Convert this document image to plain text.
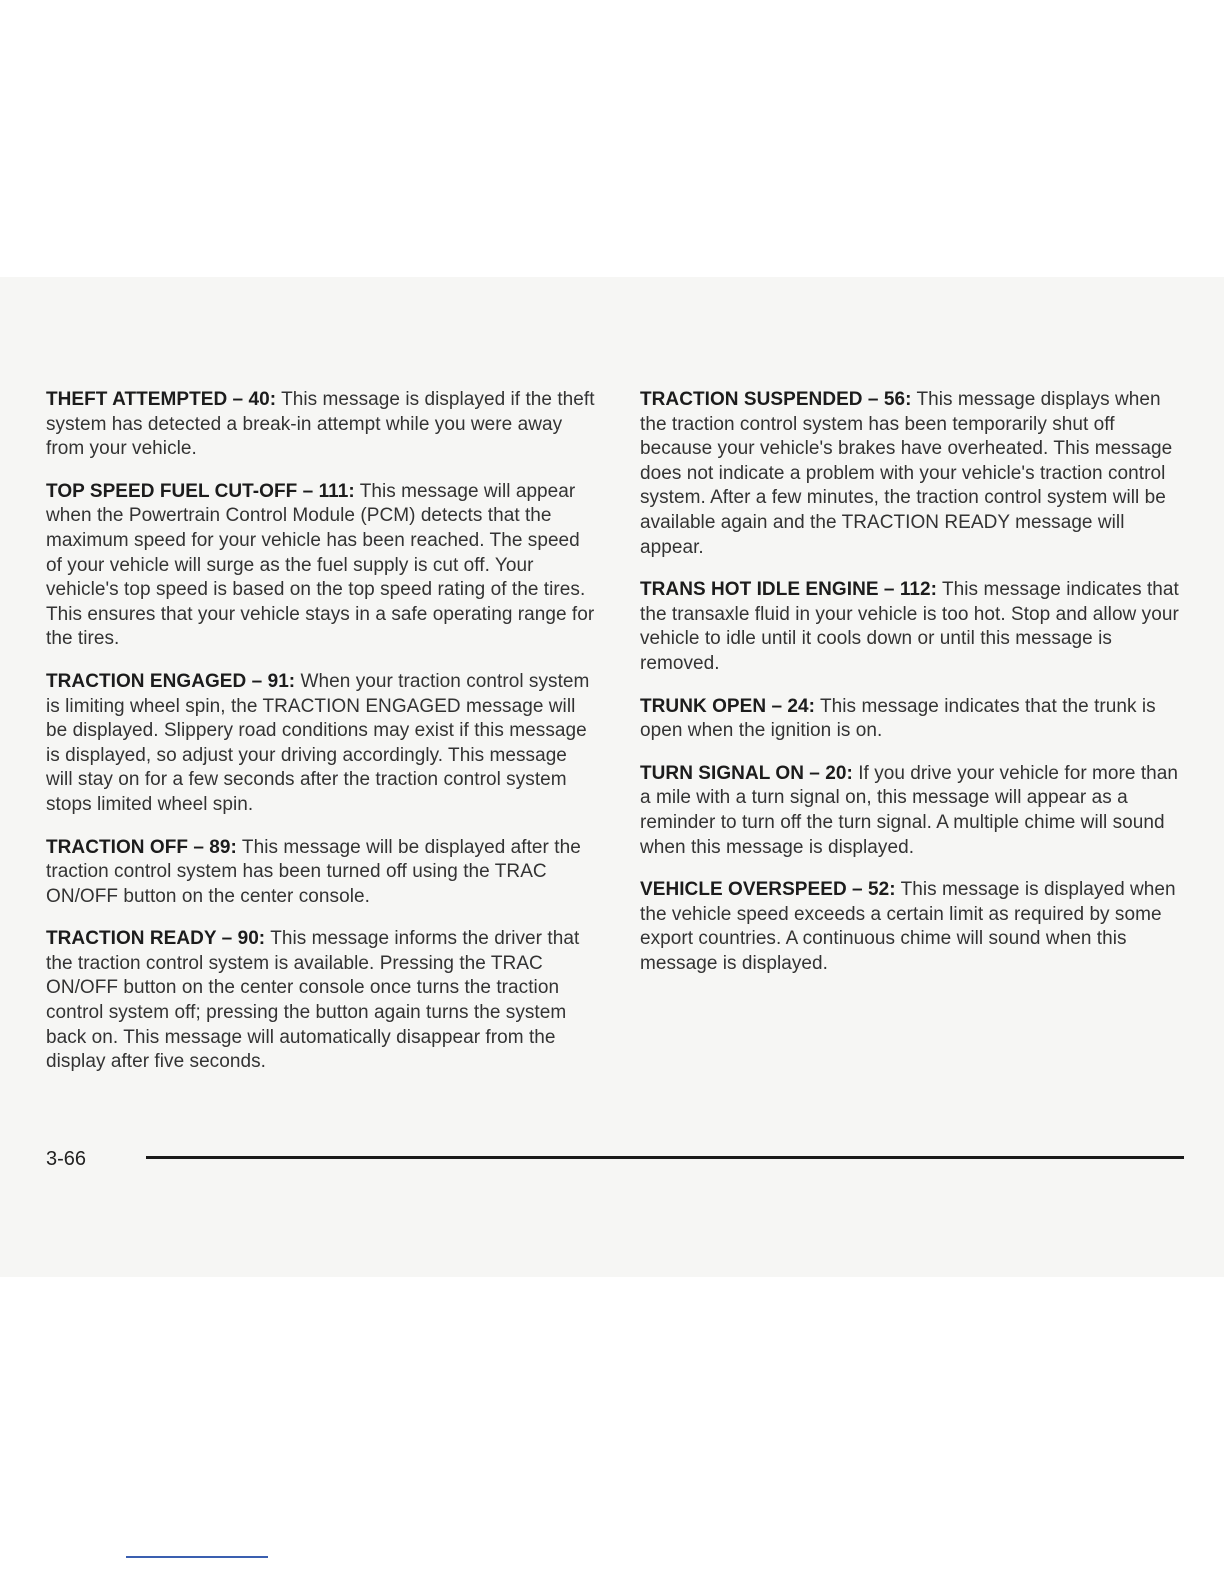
THEFT ATTEMPTED – 40: This message is displayed if the theft system has detected a break-in attempt while you were away from your vehicle.

TOP SPEED FUEL CUT-OFF – 111: This message will appear when the Powertrain Control Module (PCM) detects that the maximum speed for your vehicle has been reached. The speed of your vehicle will surge as the fuel supply is cut off. Your vehicle's top speed is based on the top speed rating of the tires. This ensures that your vehicle stays in a safe operating range for the tires.

TRACTION ENGAGED – 91: When your traction control system is limiting wheel spin, the TRACTION ENGAGED message will be displayed. Slippery road conditions may exist if this message is displayed, so adjust your driving accordingly. This message will stay on for a few seconds after the traction control system stops limited wheel spin.

TRACTION OFF – 89: This message will be displayed after the traction control system has been turned off using the TRAC ON/OFF button on the center console.

TRACTION READY – 90: This message informs the driver that the traction control system is available. Pressing the TRAC ON/OFF button on the center console once turns the traction control system off; pressing the button again turns the system back on. This message will automatically disappear from the display after five seconds.

TRACTION SUSPENDED – 56: This message displays when the traction control system has been temporarily shut off because your vehicle's brakes have overheated. This message does not indicate a problem with your vehicle's traction control system. After a few minutes, the traction control system will be available again and the TRACTION READY message will appear.

TRANS HOT IDLE ENGINE – 112: This message indicates that the transaxle fluid in your vehicle is too hot. Stop and allow your vehicle to idle until it cools down or until this message is removed.

TRUNK OPEN – 24: This message indicates that the trunk is open when the ignition is on.

TURN SIGNAL ON – 20: If you drive your vehicle for more than a mile with a turn signal on, this message will appear as a reminder to turn off the turn signal. A multiple chime will sound when this message is displayed.

VEHICLE OVERSPEED – 52: This message is displayed when the vehicle speed exceeds a certain limit as required by some export countries. A continuous chime will sound when this message is displayed.

3-66
